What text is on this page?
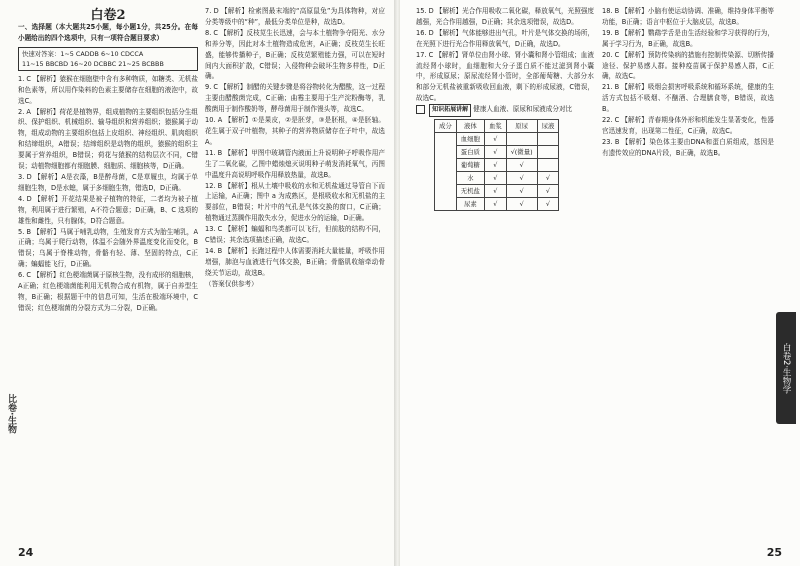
白卷2
比卷·生物

一、选择题（本大题共25小题，每小题1分，共25分。在每小题给出的四个选项中，只有一项符合题目要求）

快速对答案：1~5 CADDB 6~10 CDCCA
11~15 BBCBD 16~20 DCBBC 21~25 BCBBB

1. C 【解析】猿猴在细胞壁中含有多种物质，如糖类、无机盐和色素等，所以用作染料的色素主要储存在细胞的液泡中，故选C。

2. A 【解析】荷花是植物界，组成植物的主要组织包括分生组织、保护组织、机械组织、输导组织和营养组织；猿猴属于动物，组成动物的主要组织包括上皮组织、神经组织、肌肉组织和结缔组织，A错误；结缔组织是动物的组织，猿猴的组织主要属于营养组织，B错误；荷花与猿猴的结构层次不同，C错误；动植物细胞都有细胞膜、细胞质、细胞核等，D正确。

3. D 【解析】A是衣藻，B是醉母菌，C是草履虫，均属于单细胞生物，D是水螅，属于多细胞生物，错选D，D正确。

4. D 【解析】开花结果是被子植物的特征，二者均为被子植物，利用属于进行繁殖，A不符合题意；D正确，B、C 选项的雄性和雌性，只有腺体，D符合题意。

5. B 【解析】马属于哺乳动物，生殖发育方式为胎生哺乳，A正确；乌属于爬行动物，体温不会随外界温度变化而变化，B错误；乌属于脊椎动物，骨骼有轻、薄、坚固的特点，C正确；蝙蝠能飞行，D正确。

6. C 【解析】红色梗端菌属于原核生物，没有成形的细胞核，A正确；红色梗端菌能利用无机物合成有机物，属于自养型生物，B正确；根据题干中的信息可知，生活在极端环境中，C错误；红色梗端菌的分裂方式为二分裂，D正确。

7. D 【解析】检索图最末端的“高原鼠兔”为具体物种，对应分类等级中的“种”，最低分类单位是种，故选D。

8. C 【解析】反枝苋生长迅速，会与本土植物争夺阳光、水分和养分等，因此对本土植物造成危害，A正确；反枝苋生长旺盛，能够传播种子，B正确；反枝苋繁殖能力强，可以在短时间内大面积扩散，C错误；入侵物种会破坏生物多样性，D正确。

9. C 【解析】制醋的关键步骤是将谷物转化为醋酸，这一过程主要由醋酸菌完成，C正确；曲霉主要用于生产淀粉酶等，乳酸菌用于制作酸奶等，酵母菌用于制作馒头等，故选C。

10. A 【解析】①是果皮，②是胚芽，③是胚根，④是胚轴。花生属于双子叶植物，其种子的营养物质储存在子叶中，故选A。

11. B 【解析】甲图中玻璃管内液面上升说明种子呼吸作用产生了二氧化碳，乙图中蜡烛熄灭说明种子萌发消耗氧气，丙图中温度升高说明呼吸作用释放热量，故选B。

12. B 【解析】根从土壤中吸收的水和无机盐通过导管自下而上运输，A正确；图中 a 为成熟区，是根吸收水和无机盐的主要部位，B错误；叶片中的气孔是气体交换的窗口，C正确；植物通过蒸腾作用散失水分，促进水分的运输，D正确。

13. C 【解析】蝙蝠和鸟类都可以飞行，但前肢的结构不同，C错误；其余选项描述正确，故选C。

14. B 【解析】长跑过程中人体需要消耗大量能量，呼吸作用增强，肺泡与血液进行气体交换，B正确；骨骼肌收缩牵动骨绕关节运动，故选B。

（答案仅供参考）

24

15. D 【解析】光合作用吸收二氧化碳，释放氧气，光照强度越强，光合作用越强，D正确；其余选项错误，故选D。

16. D 【解析】气体能够进出气孔，叶片是气体交换的场所，在光照下进行光合作用释放氧气，D正确，故选D。

17. C 【解析】肾单位由肾小球、肾小囊和肾小管组成；血液流经肾小球时，血细胞和大分子蛋白质不能过滤到肾小囊中，形成原尿；原尿流经肾小管时，全部葡萄糖、大部分水和部分无机盐被重新吸收回血液，剩下的形成尿液，C错误，故选C。

知识拓展讲解 健康人血液、原尿和尿液成分对比

成分	液体	血浆	原尿	尿液
	血细胞	√		
	蛋白质	√	√(微量)	
	葡萄糖	√	√	
	水	√	√	√
	无机盐	√	√	√
	尿素	√	√	√

18. B 【解析】小脑有使运动协调、准确，维持身体平衡等功能，B正确；语言中枢位于大脑皮层，故选B。

19. B 【解析】鹦鹉学舌是由生活经验和学习获得的行为，属于学习行为，B正确，故选B。

20. C 【解析】预防传染病的措施有控制传染源、切断传播途径、保护易感人群。接种疫苗属于保护易感人群，C正确，故选C。

21. B 【解析】吸烟会损害呼吸系统和循环系统，健康的生活方式包括不吸烟、不酗酒、合理膳食等，B错误，故选B。

22. C 【解析】青春期身体外形和机能发生显著变化，性器官迅速发育，出现第二性征，C正确，故选C。

23. B 【解析】染色体主要由DNA和蛋白质组成，基因是有遗传效应的DNA片段，B正确，故选B。

25
白卷2·生物学
